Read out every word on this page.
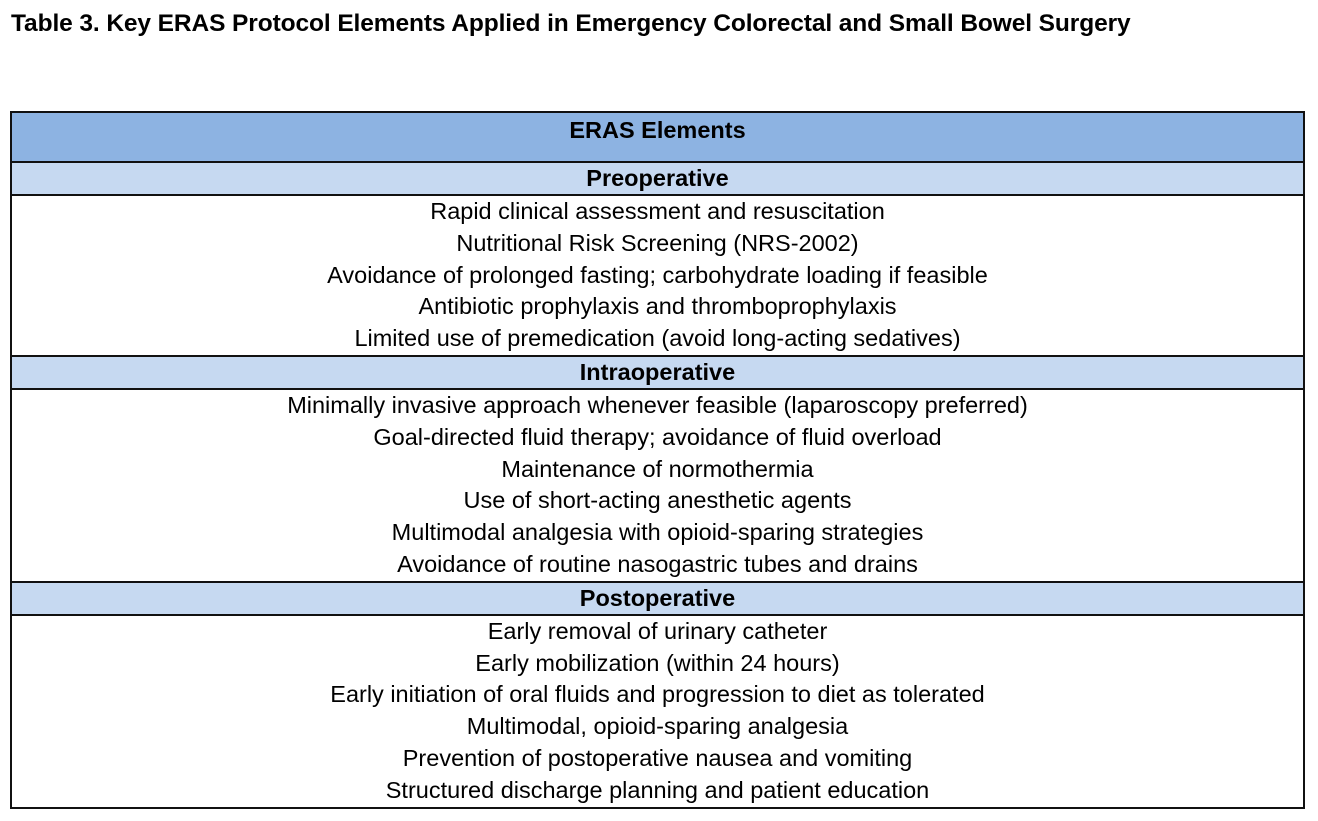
Table 3. Key ERAS Protocol Elements Applied in Emergency Colorectal and Small Bowel Surgery
ERAS Elements
Preoperative
Rapid clinical assessment and resuscitation
Nutritional Risk Screening (NRS-2002)
Avoidance of prolonged fasting; carbohydrate loading if feasible
Antibiotic prophylaxis and thromboprophylaxis
Limited use of premedication (avoid long-acting sedatives)
Intraoperative
Minimally invasive approach whenever feasible (laparoscopy preferred)
Goal-directed fluid therapy; avoidance of fluid overload
Maintenance of normothermia
Use of short-acting anesthetic agents
Multimodal analgesia with opioid-sparing strategies
Avoidance of routine nasogastric tubes and drains
Postoperative
Early removal of urinary catheter
Early mobilization (within 24 hours)
Early initiation of oral fluids and progression to diet as tolerated
Multimodal, opioid-sparing analgesia
Prevention of postoperative nausea and vomiting
Structured discharge planning and patient education
